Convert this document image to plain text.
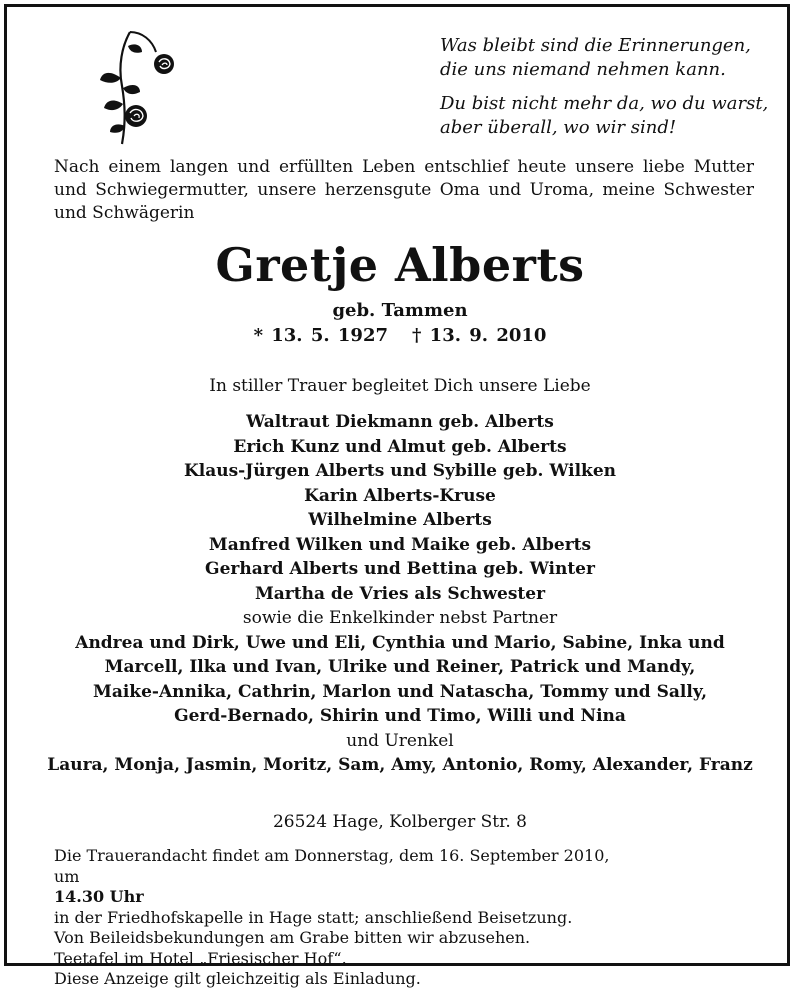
Was bleibt sind die Erinnerungen,
die uns niemand nehmen kann.

Du bist nicht mehr da, wo du warst,
aber überall, wo wir sind!

Nach einem langen und erfüllten Leben entschlief heute unsere liebe Mutter
und Schwiegermutter, unsere herzensgute Oma und Uroma, meine Schwester
und Schwägerin
Gretje Alberts
geb. Tammen
* 13. 5. 1927 † 13. 9. 2010
In stiller Trauer begleitet Dich unsere Liebe
Waltraut Diekmann geb. Alberts
Erich Kunz und Almut geb. Alberts
Klaus-Jürgen Alberts und Sybille geb. Wilken
Karin Alberts-Kruse
Wilhelmine Alberts
Manfred Wilken und Maike geb. Alberts
Gerhard Alberts und Bettina geb. Winter
Martha de Vries als Schwester
sowie die Enkelkinder nebst Partner
Andrea und Dirk, Uwe und Eli, Cynthia und Mario, Sabine, Inka und
Marcell, Ilka und Ivan, Ulrike und Reiner, Patrick und Mandy,
Maike-Annika, Cathrin, Marlon und Natascha, Tommy und Sally,
Gerd-Bernado, Shirin und Timo, Willi und Nina
und Urenkel
Laura, Monja, Jasmin, Moritz, Sam, Amy, Antonio, Romy, Alexander, Franz
26524 Hage, Kolberger Str. 8
Die Trauerandacht findet am Donnerstag, dem 16. September 2010,
um
14.30 Uhr
in der Friedhofskapelle in Hage statt; anschließend Beisetzung.
Von Beileidsbekundungen am Grabe bitten wir abzusehen.
Teetafel im Hotel „Friesischer Hof“.
Diese Anzeige gilt gleichzeitig als Einladung.
